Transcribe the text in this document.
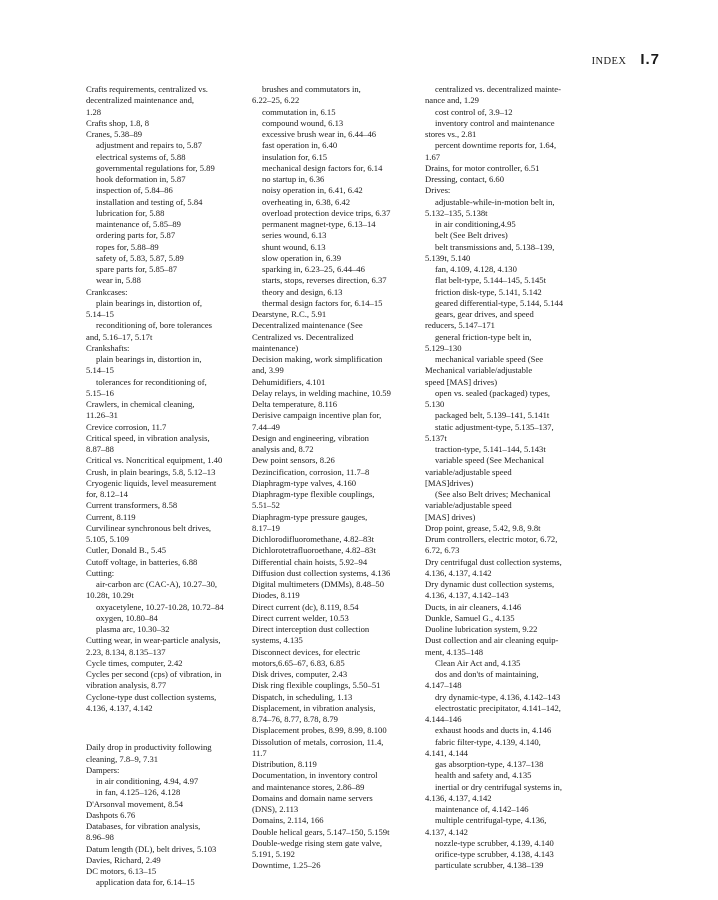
INDEX I.7

Crafts requirements, centralized vs.

decentralized maintenance and,

1.28

Crafts shop, 1.8, 8

Cranes, 5.38–89

adjustment and repairs to, 5.87

electrical systems of, 5.88

governmental regulations for, 5.89

hook deformation in, 5.87

inspection of, 5.84–86

installation and testing of, 5.84

lubrication for, 5.88

maintenance of, 5.85–89

ordering parts for, 5.87

ropes for, 5.88–89

safety of, 5.83, 5.87, 5.89

spare parts for, 5.85–87

wear in, 5.88

Crankcases:

plain bearings in, distortion of,

5.14–15

reconditioning of, bore tolerances

and, 5.16–17, 5.17t

Crankshafts:

plain bearings in, distortion in,

5.14–15

tolerances for reconditioning of,

5.15–16

Crawlers, in chemical cleaning,

11.26–31

Crevice corrosion, 11.7

Critical speed, in vibration analysis,

8.87–88

Critical vs. Noncritical equipment, 1.40

Crush, in plain bearings, 5.8, 5.12–13

Cryogenic liquids, level measurement

for, 8.12–14

Current transformers, 8.58

Current, 8.119

Curvilinear synchronous belt drives,

5.105, 5.109

Cutler, Donald B., 5.45

Cutoff voltage, in batteries, 6.88

Cutting:

air-carbon arc (CAC-A), 10.27–30,

10.28t, 10.29t

oxyacetylene, 10.27-10.28, 10.72–84

oxygen, 10.80–84

plasma arc, 10.30–32

Cutting wear, in wear-particle analysis,

2.23, 8.134, 8.135–137

Cycle times, computer, 2.42

Cycles per second (cps) of vibration, in

vibration analysis, 8.77

Cyclone-type dust collection systems,

4.136, 4.137, 4.142

Daily drop in productivity following

cleaning, 7.8–9, 7.31

Dampers:

in air conditioning, 4.94, 4.97

in fan, 4.125–126, 4.128

D'Arsonval movement, 8.54

Dashpots 6.76

Databases, for vibration analysis,

8.96–98

Datum length (DL), belt drives, 5.103

Davies, Richard, 2.49

DC motors, 6.13–15

application data for, 6.14–15

brushes and commutators in,

6.22–25, 6.22

commutation in, 6.15

compound wound, 6.13

excessive brush wear in, 6.44–46

fast operation in, 6.40

insulation for, 6.15

mechanical design factors for, 6.14

no startup in, 6.36

noisy operation in, 6.41, 6.42

overheating in, 6.38, 6.42

overload protection device trips, 6.37

permanent magnet-type, 6.13–14

series wound, 6.13

shunt wound, 6.13

slow operation in, 6.39

sparking in, 6.23–25, 6.44–46

starts, stops, reverses direction, 6.37

theory and design, 6.13

thermal design factors for, 6.14–15

Dearstyne, R.C., 5.91

Decentralized maintenance (See

Centralized vs. Decentralized

maintenance)

Decision making, work simplification

and, 3.99

Dehumidifiers, 4.101

Delay relays, in welding machine, 10.59

Delta temperature, 8.116

Derisive campaign incentive plan for,

7.44–49

Design and engineering, vibration

analysis and, 8.72

Dew point sensors, 8.26

Dezincification, corrosion, 11.7–8

Diaphragm-type valves, 4.160

Diaphragm-type flexible couplings,

5.51–52

Diaphragm-type pressure gauges,

8.17–19

Dichlorodifluoromethane, 4.82–83t

Dichlorotetrafluoroethane, 4.82–83t

Differential chain hoists, 5.92–94

Diffusion dust collection systems, 4.136

Digital multimeters (DMMs), 8.48–50

Diodes, 8.119

Direct current (dc), 8.119, 8.54

Direct current welder, 10.53

Direct interception dust collection

systems, 4.135

Disconnect devices, for electric

motors,6.65–67, 6.83, 6.85

Disk drives, computer, 2.43

Disk ring flexible couplings, 5.50–51

Dispatch, in scheduling, 1.13

Displacement, in vibration analysis,

8.74–76, 8.77, 8.78, 8.79

Displacement probes, 8.99, 8.99, 8.100

Dissolution of metals, corrosion, 11.4,

11.7

Distribution, 8.119

Documentation, in inventory control

and maintenance stores, 2.86–89

Domains and domain name servers

(DNS), 2.113

Domains, 2.114, 166

Double helical gears, 5.147–150, 5.159t

Double-wedge rising stem gate valve,

5.191, 5.192

Downtime, 1.25–26

centralized vs. decentralized mainte-

nance and, 1.29

cost control of, 3.9–12

inventory control and maintenance

stores vs., 2.81

percent downtime reports for, 1.64,

1.67

Drains, for motor controller, 6.51

Dressing, contact, 6.60

Drives:

adjustable-while-in-motion belt in,

5.132–135, 5.138t

in air conditioning,4.95

belt (See Belt drives)

belt transmissions and, 5.138–139,

5.139t, 5.140

fan, 4.109, 4.128, 4.130

flat belt-type, 5.144–145, 5.145t

friction disk-type, 5.141, 5.142

geared differential-type, 5.144, 5.144

gears, gear drives, and speed

reducers, 5.147–171

general friction-type belt in,

5.129–130

mechanical variable speed (See

Mechanical variable/adjustable

speed [MAS] drives)

open vs. sealed (packaged) types,

5.130

packaged belt, 5.139–141, 5.141t

static adjustment-type, 5.135–137,

5.137t

traction-type, 5.141–144, 5.143t

variable speed (See Mechanical

variable/adjustable speed

[MAS]drives)

(See also Belt drives; Mechanical

variable/adjustable speed

[MAS] drives)

Drop point, grease, 5.42, 9.8, 9.8t

Drum controllers, electric motor, 6.72,

6.72, 6.73

Dry centrifugal dust collection systems,

4.136, 4.137, 4.142

Dry dynamic dust collection systems,

4.136, 4.137, 4.142–143

Ducts, in air cleaners, 4.146

Dunkle, Samuel G., 4.135

Duoline lubrication system, 9.22

Dust collection and air cleaning equip-

ment, 4.135–148

Clean Air Act and, 4.135

dos and don'ts of maintaining,

4.147–148

dry dynamic-type, 4.136, 4.142–143

electrostatic precipitator, 4.141–142,

4.144–146

exhaust hoods and ducts in, 4.146

fabric filter-type, 4.139, 4.140,

4.141, 4.144

gas absorption-type, 4.137–138

health and safety and, 4.135

inertial or dry centrifugal systems in,

4.136, 4.137, 4.142

maintenance of, 4.142–146

multiple centrifugal-type, 4.136,

4.137, 4.142

nozzle-type scrubber, 4.139, 4.140

orifice-type scrubber, 4.138, 4.143

particulate scrubber, 4.138–139
